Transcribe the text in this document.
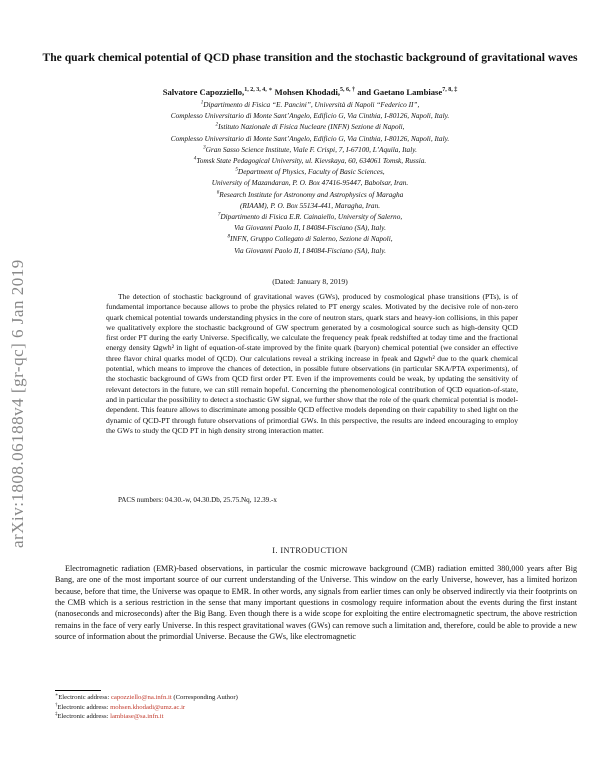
arXiv:1808.06188v4 [gr-qc] 6 Jan 2019
The quark chemical potential of QCD phase transition and the stochastic background of gravitational waves
Salvatore Capozziello,$^{1, 2, 3, 4, ∗}$ Mohsen Khodadi,$^{5, 6, \dagger}$ and Gaetano Lambiase$^{7, 8, \ddagger}$
$^1$Dipartimento di Fisica “E. Pancini”, Università di Napoli “Federico II”,
Complesso Universitario di Monte Sant’Angelo, Edificio G, Via Cinthia, I-80126, Napoli, Italy.
$^2$Istituto Nazionale di Fisica Nucleare (INFN) Sezione di Napoli,
Complesso Universitario di Monte Sant’Angelo, Edificio G, Via Cinthia, I-80126, Napoli, Italy.
$^3$Gran Sasso Science Institute, Viale F. Crispi, 7, I-67100, L’Aquila, Italy.
$^4$Tomsk State Pedagogical University, ul. Kievskaya, 60, 634061 Tomsk, Russia.
$^5$Department of Physics, Faculty of Basic Sciences,
University of Mazandaran, P. O. Box 47416-95447, Babolsar, Iran.
$^6$Research Institute for Astronomy and Astrophysics of Maragha
(RIAAM), P. O. Box 55134-441, Maragha, Iran.
$^7$Dipartimento di Fisica E.R. Cainaiello, University of Salerno,
Via Giovanni Paolo II, I 84084-Fisciano (SA), Italy.
$^8$INFN, Gruppo Collegato di Salerno, Sezione di Napoli,
Via Giovanni Paolo II, I 84084-Fisciano (SA), Italy.
(Dated: January 8, 2019)
The detection of stochastic background of gravitational waves (GWs), produced by cosmological phase transitions (PTs), is of fundamental importance because allows to probe the physics related to PT energy scales. Motivated by the decisive role of non-zero quark chemical potential towards understanding physics in the core of neutron stars, quark stars and heavy-ion collisions, in this paper we qualitatively explore the stochastic background of GW spectrum generated by a cosmological source such as high-density QCD first order PT during the early Universe. Specifically, we calculate the frequency peak fpeak redshifted at today time and the fractional energy density Ωgwh² in light of equation-of-state improved by the finite quark (baryon) chemical potential (we consider an effective three flavor chiral quarks model of QCD). Our calculations reveal a striking increase in fpeak and Ωgwh² due to the quark chemical potential, which means to improve the chances of detection, in possible future observations (in particular SKA/PTA experiments), of the stochastic background of GWs from QCD first order PT. Even if the improvements could be weak, by updating the sensitivity of relevant detectors in the future, we can still remain hopeful. Concerning the phenomenological contribution of QCD equation-of-state, and in particular the possibility to detect a stochastic GW signal, we further show that the role of the quark chemical potential is model-dependent. This feature allows to discriminate among possible QCD effective models depending on their capability to shed light on the dynamic of QCD-PT through future observations of primordial GWs. In this perspective, the results are indeed encouraging to employ the GWs to study the QCD PT in high density strong interaction matter.
PACS numbers: 04.30.-w, 04.30.Db, 25.75.Nq, 12.39.-x
I. INTRODUCTION
Electromagnetic radiation (EMR)-based observations, in particular the cosmic microwave background (CMB) radiation emitted 380,000 years after Big Bang, are one of the most important source of our current understanding of the Universe. This window on the early Universe, however, has a limited horizon because, before that time, the Universe was opaque to EMR. In other words, any signals from earlier times can only be observed indirectly via their footprints on the CMB which is a serious restriction in the sense that many important questions in cosmology require information about the events during the first instant (nanoseconds and microseconds) after the Big Bang. Even though there is a wide scope for exploiting the entire electromagnetic spectrum, the above restriction remains in the face of very early Universe. In this respect gravitational waves (GWs) can remove such a limitation and, therefore, could be able to provide a new source of information about the primordial Universe. Because the GWs, like electromagnetic
∗Electronic address: capozziello@na.infn.it (Corresponding Author)
†Electronic address: mohsen.khodadi@umz.ac.ir
‡Electronic address: lambiase@sa.infn.it
